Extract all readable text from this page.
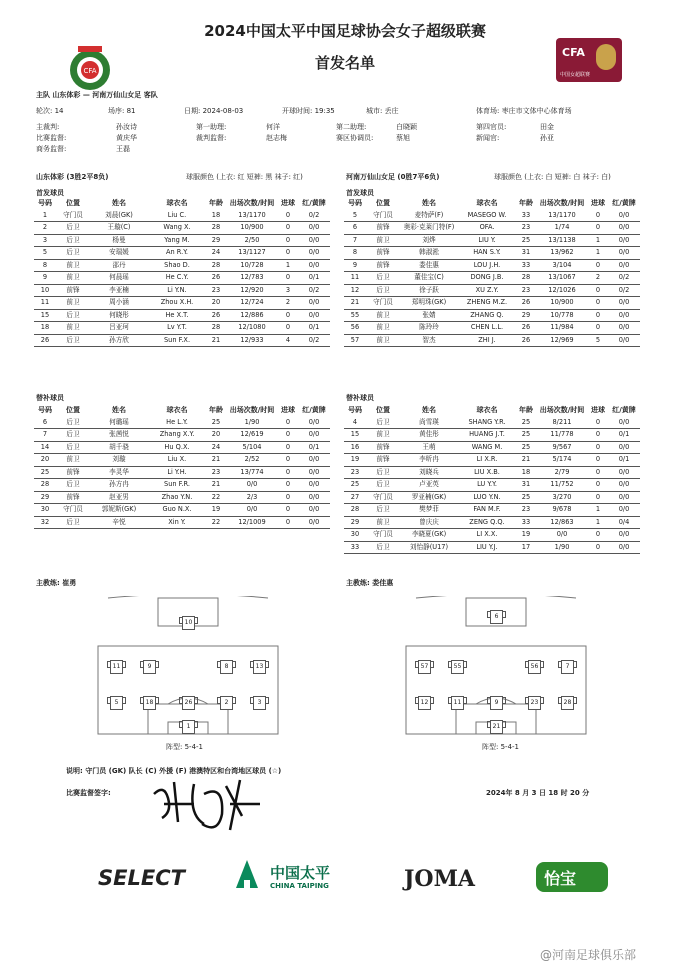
2024中国太平中国足球协会女子超级联赛
首发名单
CFA
CFA
中国女超联赛
主队 山东体彩 — 河南万仙山女足 客队
轮次: 14	场序: 81	日期: 2024-08-03	开球时间: 19:35	城市: 丢庄	体育场: 枣庄市文体中心体育场
主裁判:	孙汝诗	第一助理:	何洋	第二助理:	白晓颖	第四官员:	田金
比赛监督:	黄庆华	裁判监督:	赵志梅	赛区协调员:	蔡旭	新闻官:	孙亚
商务监督:	王磊
山东体彩 (3胜2平8负)	球服颜色 (上衣: 红 短裤: 黑 袜子: 红)
首发球员
号码	位置	姓名	球衣名	年龄	出场次数/时间	进球	红/黄牌
1	守门员	刘晨(GK)	Liu C.	18	13/1170	0	0/2
2	后卫	王璇(C)	Wang X.	28	10/900	0	0/0
3	后卫	杨曼	Yang M.	29	2/50	0	0/0
5	后卫	安瑞媛	An R.Y.	24	13/1127	0	0/0
8	前卫	邵丹	Shao D.	28	10/728	1	0/0
9	前卫	何晨瑶	He C.Y.	26	12/783	0	0/1
10	前锋	李亚楠	Li Y.N.	23	12/920	3	0/2
11	前卫	周小涵	Zhou X.H.	20	12/724	2	0/0
15	后卫	何晓彤	He X.T.	26	12/886	0	0/0
18	前卫	吕亚珂	Lv Y.T.	28	12/1080	0	0/1
26	后卫	孙方欣	Sun F.X.	21	12/933	4	0/2
替补球员
号码	位置	姓名	球衣名	年龄	出场次数/时间	进球	红/黄牌
6	后卫	何璐瑶	He L.Y.	25	1/90	0	0/0
7	后卫	张茜悦	Zhang X.Y.	20	12/619	0	0/0
14	后卫	胡千骁	Hu Q.X.	24	5/104	0	0/1
20	前卫	刘璇	Liu X.	21	2/52	0	0/0
25	前锋	李灵华	Li Y.H.	23	13/774	0	0/0
28	后卫	孙方冉	Sun F.R.	21	0/0	0	0/0
29	前锋	赵亚男	Zhao Y.N.	22	2/3	0	0/0
30	守门员	郭妮斯(GK)	Guo N.X.	19	0/0	0	0/0
32	后卫	辛悦	Xin Y.	22	12/1009	0	0/0
河南万仙山女足 (0胜7平6负)	球服颜色 (上衣: 白 短裤: 白 袜子: 白)
首发球员
号码	位置	姓名	球衣名	年龄	出场次数/时间	进球	红/黄牌
5	守门员	麦特萨(F)	MASEGO W.	33	13/1170	0	0/0
6	前锋	奥彩·克莱门特(F)	OFA.	23	1/74	0	0/0
7	前卫	刘烨	LIU Y.	25	13/1138	1	0/0
8	前锋	韩淑淞	HAN S.Y.	31	13/962	1	0/0
9	前锋	娄佳惠	LOU J.H.	33	3/104	0	0/0
11	后卫	董佳宝(C)	DONG J.B.	28	13/1067	2	0/2
12	后卫	徐子跃	XU Z.Y.	23	12/1026	0	0/2
21	守门员	郑明珠(GK)	ZHENG M.Z.	26	10/900	0	0/0
55	前卫	张婧	ZHANG Q.	29	10/778	0	0/0
56	前卫	陈玲玲	CHEN L.L.	26	11/984	0	0/0
57	前卫	智杰	ZHI J.	26	12/969	5	0/0
替补球员
号码	位置	姓名	球衣名	年龄	出场次数/时间	进球	红/黄牌
4	后卫	尚雪瑛	SHANG Y.R.	25	8/211	0	0/0
15	前卫	黄佳彤	HUANG J.T.	25	11/778	0	0/1
16	前锋	王萌	WANG M.	25	9/567	0	0/0
19	前锋	李昕冉	LI X.R.	21	5/174	0	0/1
23	后卫	刘晓兵	LIU X.B.	18	2/79	0	0/0
25	后卫	卢亚英	LU Y.Y.	31	11/752	0	0/0
27	守门员	罗亚楠(GK)	LUO Y.N.	25	3/270	0	0/0
28	后卫	樊梦菲	FAN M.F.	23	9/678	1	0/0
29	前卫	曾庆庆	ZENG Q.Q.	33	12/863	1	0/4
30	守门员	李晓夏(GK)	LI X.X.	19	0/0	0	0/0
33	后卫	刘怡静(U17)	LIU Y.J.	17	1/90	0	0/0
主教练: 崔勇	主教练: 娄佳惠
10
11	9	8	13
5	18	26	2	3
1
阵型: 5-4-1
6
57	55	56	7
12	11	9	23	28
21
阵型: 5-4-1
说明: 守门员 (GK) 队长 (C) 外援 (F) 港澳特区和台湾地区球员 (☆)
比赛监督签字:	2024年 8 月 3 日 18 时 20 分
SELECT	中国太平
CHINA TAIPING	JOMA	怡宝
@河南足球俱乐部
